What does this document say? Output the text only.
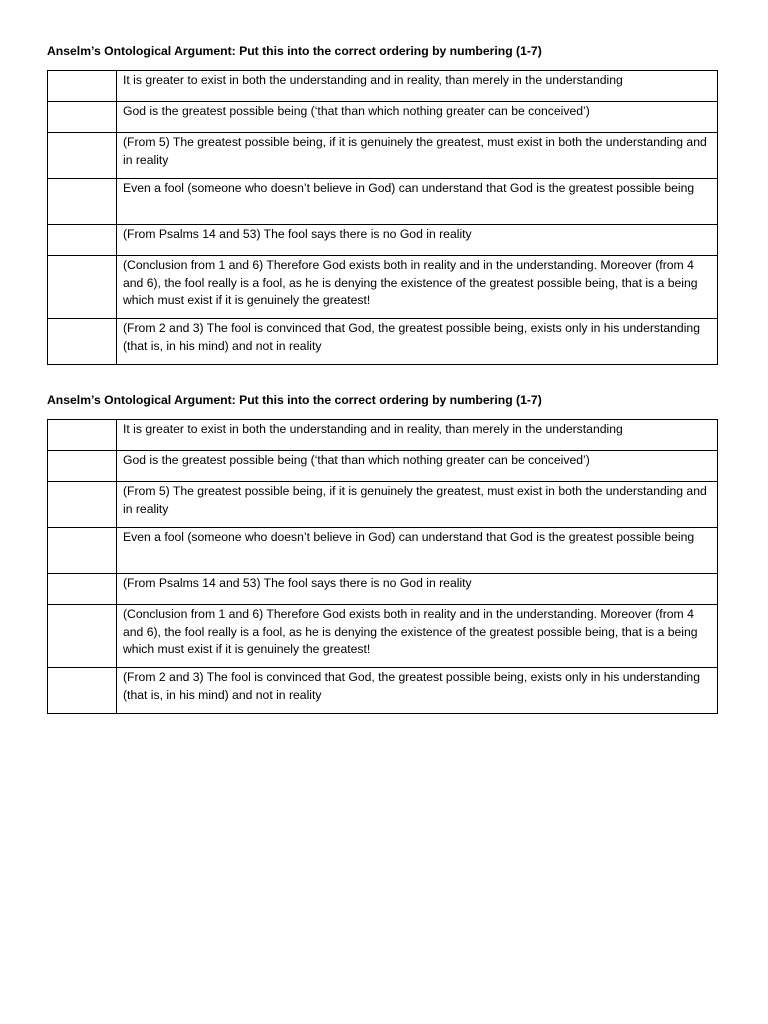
Anselm’s Ontological Argument: Put this into the correct ordering by numbering (1-7)
	It is greater to exist in both the understanding and in reality, than merely in the understanding
	God is the greatest possible being (‘that than which nothing greater can be conceived’)
	(From 5) The greatest possible being, if it is genuinely the greatest, must exist in both the understanding and in reality
	Even a fool (someone who doesn’t believe in God) can understand that God is the greatest possible being
	(From Psalms 14 and 53) The fool says there is no God in reality
	(Conclusion from 1 and 6) Therefore God exists both in reality and in the understanding. Moreover (from 4 and 6), the fool really is a fool, as he is denying the existence of the greatest possible being, that is a being which must exist if it is genuinely the greatest!
	(From 2 and 3) The fool is convinced that God, the greatest possible being, exists only in his understanding (that is, in his mind) and not in reality
Anselm’s Ontological Argument: Put this into the correct ordering by numbering (1-7)
	It is greater to exist in both the understanding and in reality, than merely in the understanding
	God is the greatest possible being (‘that than which nothing greater can be conceived’)
	(From 5) The greatest possible being, if it is genuinely the greatest, must exist in both the understanding and in reality
	Even a fool (someone who doesn’t believe in God) can understand that God is the greatest possible being
	(From Psalms 14 and 53) The fool says there is no God in reality
	(Conclusion from 1 and 6) Therefore God exists both in reality and in the understanding. Moreover (from 4 and 6), the fool really is a fool, as he is denying the existence of the greatest possible being, that is a being which must exist if it is genuinely the greatest!
	(From 2 and 3) The fool is convinced that God, the greatest possible being, exists only in his understanding (that is, in his mind) and not in reality
